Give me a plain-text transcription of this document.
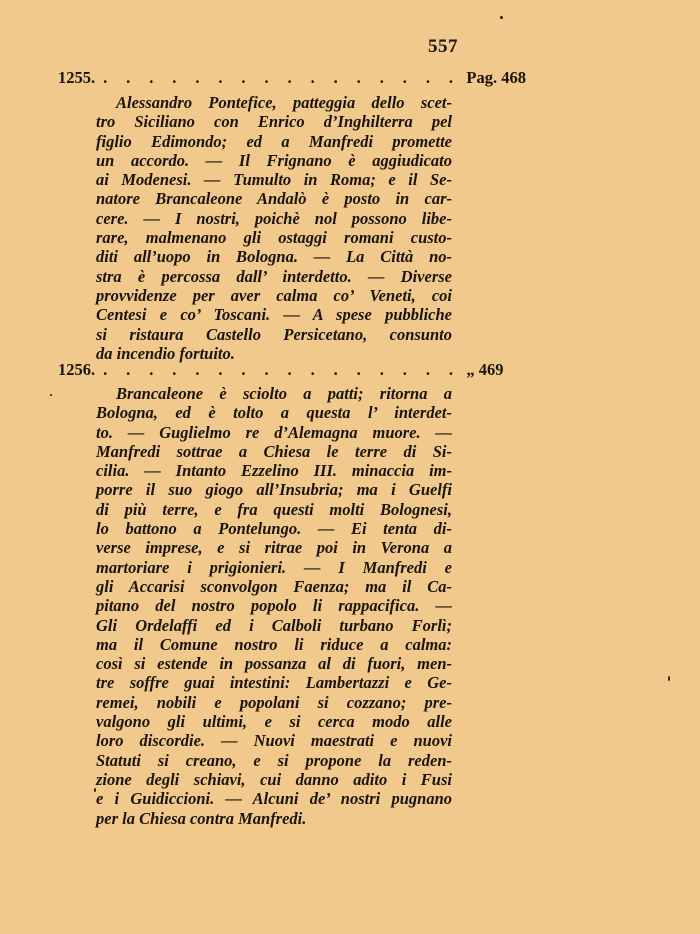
557
1255. . . . . . . . . . . . . . . . . Pag. 468
Alessandro Pontefice, patteggia dello scet-
tro Siciliano con Enrico d’Inghilterra pel
figlio Edimondo; ed a Manfredi promette
un accordo. — Il Frignano è aggiudicato
ai Modenesi. — Tumulto in Roma; e il Se-
natore Brancaleone Andalò è posto in car-
cere. — I nostri, poichè nol possono libe-
rare, malmenano gli ostaggi romani custo-
diti all’uopo in Bologna. — La Città no-
stra è percossa dall’ interdetto. — Diverse
provvidenze per aver calma co’ Veneti, coi
Centesi e co’ Toscani. — A spese pubbliche
si ristaura Castello Persicetano, consunto
da incendio fortuito.
1256. . . . . . . . . . . . . . . . . „ 469
Brancaleone è sciolto a patti; ritorna a
Bologna, ed è tolto a questa l’ interdet-
to. — Guglielmo re d’Alemagna muore. —
Manfredi sottrae a Chiesa le terre di Si-
cilia. — Intanto Ezzelino III. minaccia im-
porre il suo giogo all’Insubria; ma i Guelfi
di più terre, e fra questi molti Bolognesi,
lo battono a Pontelungo. — Ei tenta di-
verse imprese, e si ritrae poi in Verona a
martoriare i prigionieri. — I Manfredi e
gli Accarisi sconvolgon Faenza; ma il Ca-
pitano del nostro popolo li rappacifica. —
Gli Ordelaffi ed i Calboli turbano Forlì;
ma il Comune nostro li riduce a calma:
così si estende in possanza al di fuori, men-
tre soffre guai intestini: Lambertazzi e Ge-
remei, nobili e popolani si cozzano; pre-
valgono gli ultimi, e si cerca modo alle
loro discordie. — Nuovi maestrati e nuovi
Statuti si creano, e si propone la reden-
zione degli schiavi, cui danno adito i Fusi
e i Guidiccioni. — Alcuni de’ nostri pugnano
per la Chiesa contra Manfredi.
